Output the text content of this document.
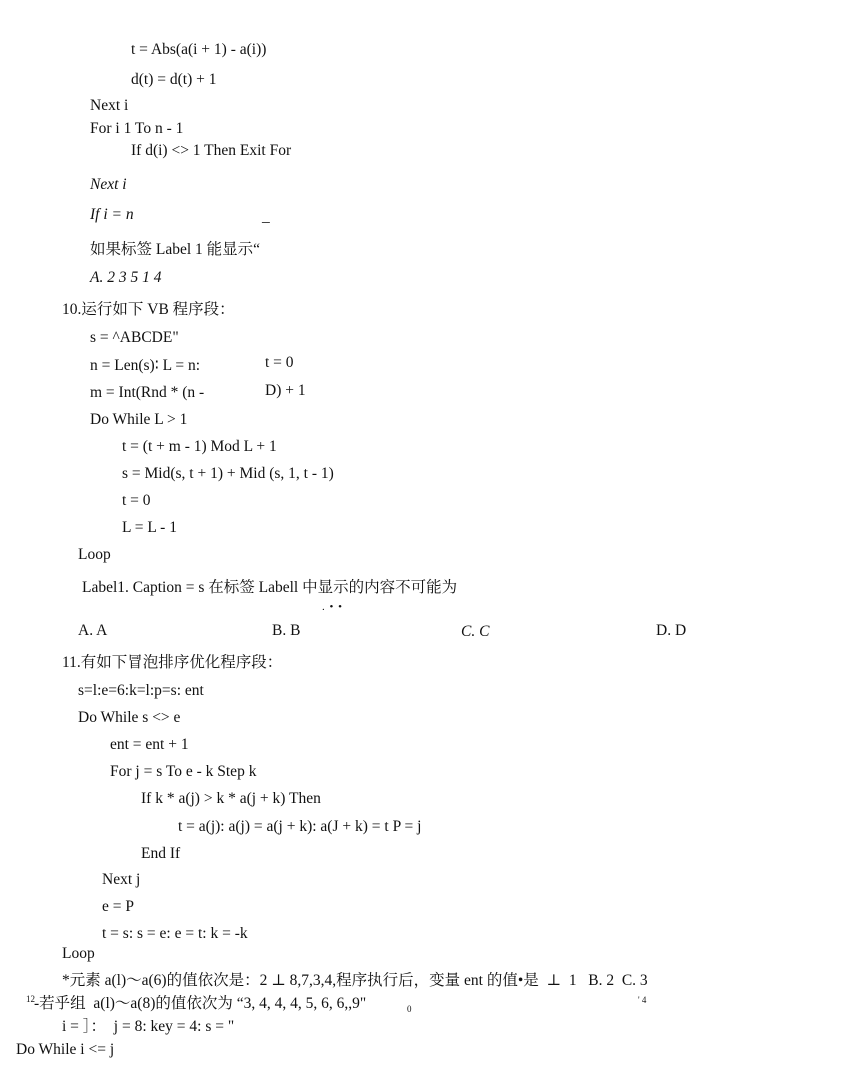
t = Abs(a(i + 1) - a(i))
d(t) = d(t) + 1
Next i
For i 1 To n - 1
If d(i) <> 1 Then Exit For
Next i
If i = n	_
如果标签 Label 1 能显示“
A. 2 3 5 1 4
10.运行如下 VB 程序段：
s = ^ABCDE"
n = Len(s)∶ L = n:	t = 0
m = Int(Rnd * (n -	D) + 1
Do While L > 1
t = (t + m - 1) Mod L + 1
s = Mid(s, t + 1) + Mid (s, 1, t - 1)
t = 0
L = L - 1
Loop
Label1. Caption = s 在标签 Labell 中显示的内容不可能为
. • •
A. A	B. B	C. C	D. D
11.有如下冒泡排序优化程序段：
s=l:e=6:k=l:p=s: ent
Do While s <> e
ent = ent + 1
For j = s To e - k Step k
If k * a(j) > k * a(j + k) Then
t = a(j): a(j) = a(j + k): a(J + k) = t P = j
End If
Next j
e = P
t = s: s = e: e = t: k = -k
Loop
*元素 a(l)～a(6)的值依次是：2 ⊥ 8,7,3,4,程序执行后，变量 ent 的值•是  ⊥  1   B. 2  C. 3
12 -若乎组  a(l)～a(8)的值依次为 “3, 4, 4, 4, 5, 6, 6,,9"	0
' 4
i = ］：  j = 8: key = 4: s = "
Do While i <= j
